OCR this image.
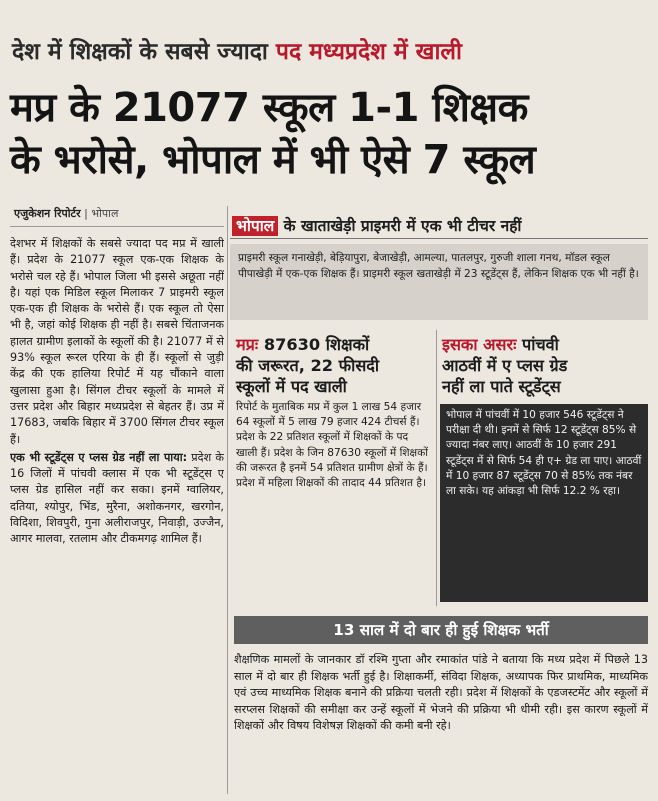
देश में शिक्षकों के सबसे ज्यादा पद मध्यप्रदेश में खाली
मप्र के 21077 स्कूल 1-1 शिक्षक
के भरोसे, भोपाल में भी ऐसे 7 स्कूल
एजुकेशन रिपोर्टर | भोपाल

देशभर में शिक्षकों के सबसे ज्यादा पद मप्र में खाली हैं। प्रदेश के 21077 स्कूल एक-एक शिक्षक के भरोसे चल रहे हैं। भोपाल जिला भी इससे अछूता नहीं है। यहां एक मिडिल स्कूल मिलाकर 7 प्राइमरी स्कूल एक-एक ही शिक्षक के भरोसे हैं। एक स्कूल तो ऐसा भी है, जहां कोई शिक्षक ही नहीं है। सबसे चिंताजनक हालत ग्रामीण इलाकों के स्कूलों की है। 21077 में से 93% स्कूल रूरल एरिया के ही हैं। स्कूलों से जुड़ी केंद्र की एक हालिया रिपोर्ट में यह चौंकाने वाला खुलासा हुआ है। सिंगल टीचर स्कूलों के मामले में उत्तर प्रदेश और बिहार मध्यप्रदेश से बेहतर हैं। उप्र में 17683, जबकि बिहार में 3700 सिंगल टीचर स्कूल हैं।

एक भी स्टूडेंट्स ए प्लस ग्रेड नहीं ला पाया: प्रदेश के 16 जिलों में पांचवी क्लास में एक भी स्टूडेंट्स ए प्लस ग्रेड हासिल नहीं कर सका। इनमें ग्वालियर, दतिया, श्योपुर, भिंड, मुरैना, अशोकनगर, खरगोन, विदिशा, शिवपुरी, गुना अलीराजपुर, निवाड़ी, उज्जैन, आगर मालवा, रतलाम और टीकमगढ़ शामिल हैं।

भोपाल के खाताखेड़ी प्राइमरी में एक भी टीचर नहीं
प्राइमरी स्कूल गनाखेड़ी, बेड़ियापुरा, बेजाखेड़ी, आमल्या, पातलपुर, गुरुजी शाला गनथ, मॉडल स्कूल पीपाखेड़ी में एक-एक शिक्षक हैं। प्राइमरी स्कूल खताखेड़ी में 23 स्टूडेंट्स हैं, लेकिन शिक्षक एक भी नहीं है।
मप्रः 87630 शिक्षकों
की जरूरत, 22 फीसदी
स्कूलों में पद खाली
रिपोर्ट के मुताबिक मप्र में कुल 1 लाख 54 हजार 64 स्कूलों में 5 लाख 79 हजार 424 टीचर्स हैं। प्रदेश के 22 प्रतिशत स्कूलों में शिक्षकों के पद खाली हैं। प्रदेश के जिन 87630 स्कूलों में शिक्षकों की जरूरत है इनमें 54 प्रतिशत ग्रामीण क्षेत्रों के हैं। प्रदेश में महिला शिक्षकों की तादाद 44 प्रतिशत है।
इसका असरः पांचवी
आठवीं में ए प्लस ग्रेड
नहीं ला पाते स्टूडेंट्स
भोपाल में पांचवीं में 10 हजार 546 स्टूडेंट्स ने परीक्षा दी थी। इनमें से सिर्फ 12 स्टूडेंट्स 85% से ज्यादा नंबर लाए। आठवीं के 10 हजार 291 स्टूडेंट्स में से सिर्फ 54 ही ए+ ग्रेड ला पाए। आठवीं में 10 हजार 87 स्टूडेंट्स 70 से 85% तक नंबर ला सके। यह आंकड़ा भी सिर्फ 12.2 % रहा।
13 साल में दो बार ही हुई शिक्षक भर्ती
शैक्षणिक मामलों के जानकार डॉ रश्मि गुप्ता और रमाकांत पांडे ने बताया कि मध्य प्रदेश में पिछले 13 साल में दो बार ही शिक्षक भर्ती हुई है। शिक्षाकर्मी, संविदा शिक्षक, अध्यापक फिर प्राथमिक, माध्यमिक एवं उच्च माध्यमिक शिक्षक बनाने की प्रक्रिया चलती रही। प्रदेश में शिक्षकों के एडजस्टमेंट और स्कूलों में सरप्लस शिक्षकों की समीक्षा कर उन्हें स्कूलों में भेजने की प्रक्रिया भी धीमी रही। इस कारण स्कूलों में शिक्षकों और विषय विशेषज्ञ शिक्षकों की कमी बनी रहे।
